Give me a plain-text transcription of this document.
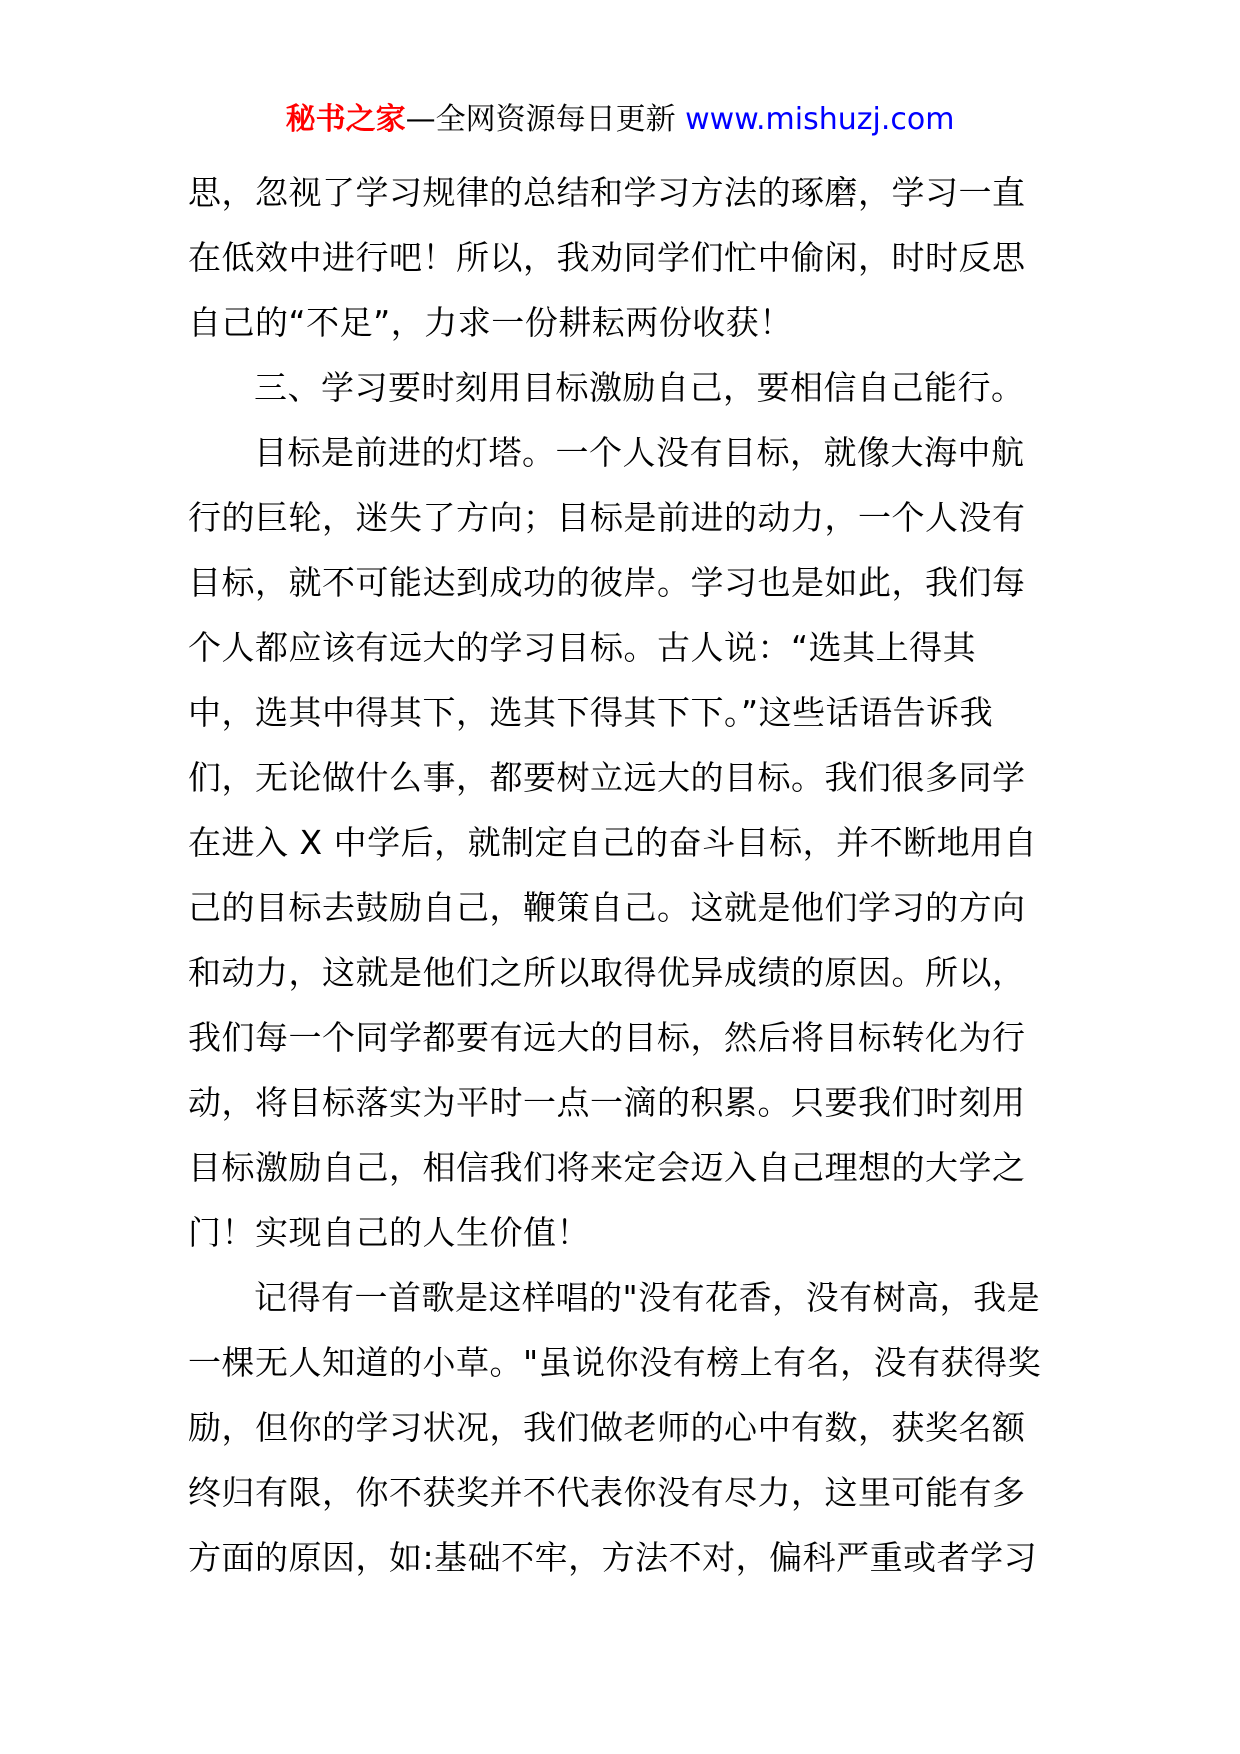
秘书之家—全网资源每日更新 www.mishuzj.com
思，忽视了学习规律的总结和学习方法的琢磨，学习一直
在低效中进行吧！所以，我劝同学们忙中偷闲，时时反思
自己的“不足”，力求一份耕耘两份收获！
三、学习要时刻用目标激励自己，要相信自己能行。
目标是前进的灯塔。一个人没有目标，就像大海中航
行的巨轮，迷失了方向；目标是前进的动力，一个人没有
目标，就不可能达到成功的彼岸。学习也是如此，我们每
个人都应该有远大的学习目标。古人说：“选其上得其
中，选其中得其下，选其下得其下下。”这些话语告诉我
们，无论做什么事，都要树立远大的目标。我们很多同学
在进入 X 中学后，就制定自己的奋斗目标，并不断地用自
己的目标去鼓励自己，鞭策自己。这就是他们学习的方向
和动力，这就是他们之所以取得优异成绩的原因。所以，
我们每一个同学都要有远大的目标，然后将目标转化为行
动，将目标落实为平时一点一滴的积累。只要我们时刻用
目标激励自己，相信我们将来定会迈入自己理想的大学之
门！实现自己的人生价值！
记得有一首歌是这样唱的"没有花香，没有树高，我是
一棵无人知道的小草。"虽说你没有榜上有名，没有获得奖
励，但你的学习状况，我们做老师的心中有数，获奖名额
终归有限，你不获奖并不代表你没有尽力，这里可能有多
方面的原因，如:基础不牢，方法不对，偏科严重或者学习
